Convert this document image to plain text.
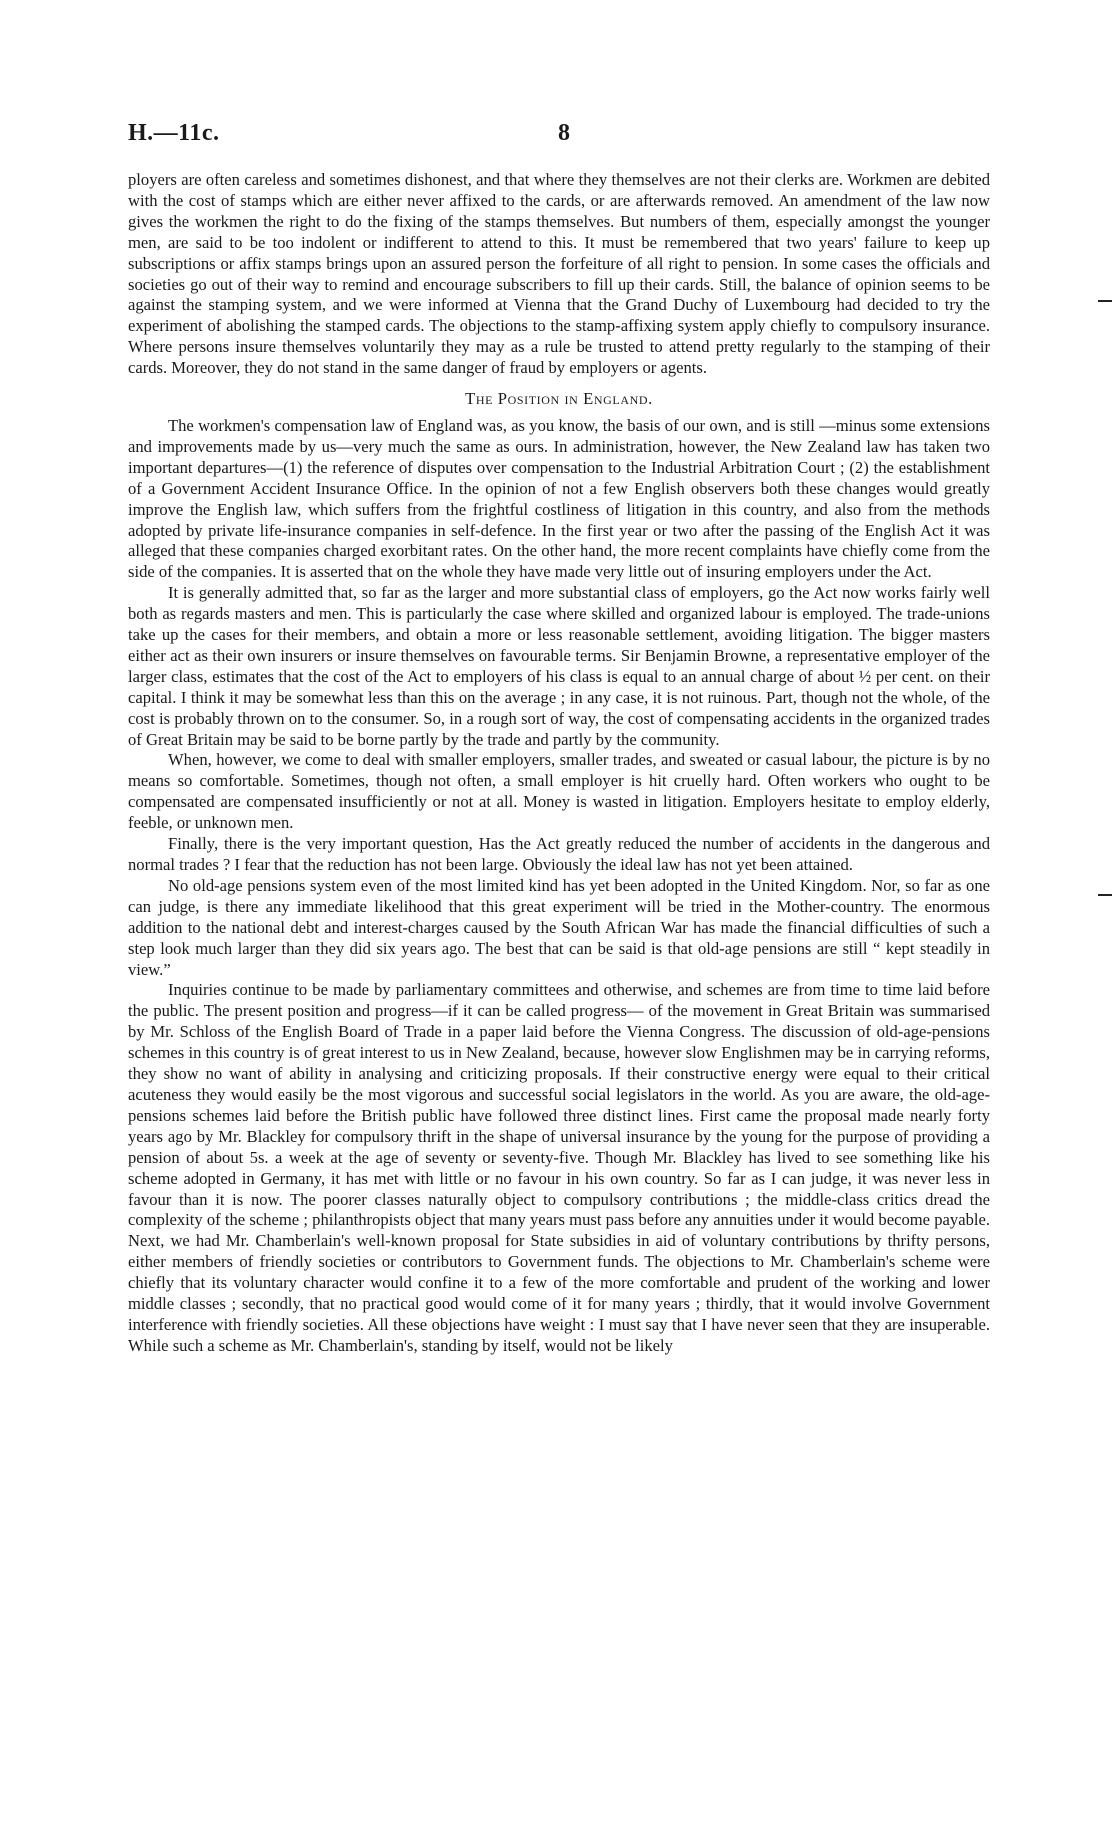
H.—11c.	8

ployers are often careless and sometimes dishonest, and that where they themselves are not their clerks are. Workmen are debited with the cost of stamps which are either never affixed to the cards, or are afterwards removed. An amendment of the law now gives the workmen the right to do the fixing of the stamps themselves. But numbers of them, especially amongst the younger men, are said to be too indolent or indifferent to attend to this. It must be remembered that two years' failure to keep up subscriptions or affix stamps brings upon an assured person the forfeiture of all right to pension. In some cases the officials and societies go out of their way to remind and encourage subscribers to fill up their cards. Still, the balance of opinion seems to be against the stamping system, and we were informed at Vienna that the Grand Duchy of Luxembourg had decided to try the experiment of abolishing the stamped cards. The objections to the stamp-affixing system apply chiefly to compulsory insurance. Where persons insure themselves voluntarily they may as a rule be trusted to attend pretty regularly to the stamping of their cards. Moreover, they do not stand in the same danger of fraud by employers or agents.

The Position in England.

The workmen's compensation law of England was, as you know, the basis of our own, and is still —minus some extensions and improvements made by us—very much the same as ours. In administration, however, the New Zealand law has taken two important departures—(1) the reference of disputes over compensation to the Industrial Arbitration Court ; (2) the establishment of a Government Accident Insurance Office. In the opinion of not a few English observers both these changes would greatly improve the English law, which suffers from the frightful costliness of litigation in this country, and also from the methods adopted by private life-insurance companies in self-defence. In the first year or two after the passing of the English Act it was alleged that these companies charged exorbitant rates. On the other hand, the more recent complaints have chiefly come from the side of the companies. It is asserted that on the whole they have made very little out of insuring employers under the Act.

It is generally admitted that, so far as the larger and more substantial class of employers, go the Act now works fairly well both as regards masters and men. This is particularly the case where skilled and organized labour is employed. The trade-unions take up the cases for their members, and obtain a more or less reasonable settlement, avoiding litigation. The bigger masters either act as their own insurers or insure themselves on favourable terms. Sir Benjamin Browne, a representative employer of the larger class, estimates that the cost of the Act to employers of his class is equal to an annual charge of about ½ per cent. on their capital. I think it may be somewhat less than this on the average ; in any case, it is not ruinous. Part, though not the whole, of the cost is probably thrown on to the consumer. So, in a rough sort of way, the cost of compensating accidents in the organized trades of Great Britain may be said to be borne partly by the trade and partly by the community.

When, however, we come to deal with smaller employers, smaller trades, and sweated or casual labour, the picture is by no means so comfortable. Sometimes, though not often, a small employer is hit cruelly hard. Often workers who ought to be compensated are compensated insufficiently or not at all. Money is wasted in litigation. Employers hesitate to employ elderly, feeble, or unknown men.

Finally, there is the very important question, Has the Act greatly reduced the number of accidents in the dangerous and normal trades ? I fear that the reduction has not been large. Obviously the ideal law has not yet been attained.

No old-age pensions system even of the most limited kind has yet been adopted in the United Kingdom. Nor, so far as one can judge, is there any immediate likelihood that this great experiment will be tried in the Mother-country. The enormous addition to the national debt and interest-charges caused by the South African War has made the financial difficulties of such a step look much larger than they did six years ago. The best that can be said is that old-age pensions are still “ kept steadily in view.”

Inquiries continue to be made by parliamentary committees and otherwise, and schemes are from time to time laid before the public. The present position and progress—if it can be called progress— of the movement in Great Britain was summarised by Mr. Schloss of the English Board of Trade in a paper laid before the Vienna Congress. The discussion of old-age-pensions schemes in this country is of great interest to us in New Zealand, because, however slow Englishmen may be in carrying reforms, they show no want of ability in analysing and criticizing proposals. If their constructive energy were equal to their critical acuteness they would easily be the most vigorous and successful social legislators in the world. As you are aware, the old-age-pensions schemes laid before the British public have followed three distinct lines. First came the proposal made nearly forty years ago by Mr. Blackley for compulsory thrift in the shape of universal insurance by the young for the purpose of providing a pension of about 5s. a week at the age of seventy or seventy-five. Though Mr. Blackley has lived to see something like his scheme adopted in Germany, it has met with little or no favour in his own country. So far as I can judge, it was never less in favour than it is now. The poorer classes naturally object to compulsory contributions ; the middle-class critics dread the complexity of the scheme ; philanthropists object that many years must pass before any annuities under it would become payable. Next, we had Mr. Chamberlain's well-known proposal for State subsidies in aid of voluntary contributions by thrifty persons, either members of friendly societies or contributors to Government funds. The objections to Mr. Chamberlain's scheme were chiefly that its voluntary character would confine it to a few of the more comfortable and prudent of the working and lower middle classes ; secondly, that no practical good would come of it for many years ; thirdly, that it would involve Government interference with friendly societies. All these objections have weight : I must say that I have never seen that they are insuperable. While such a scheme as Mr. Chamberlain's, standing by itself, would not be likely
